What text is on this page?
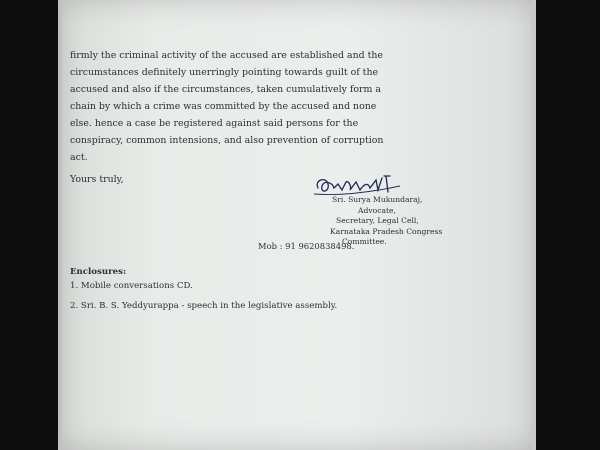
firmly the criminal activity of the accused are established and the
circumstances definitely unerringly pointing towards guilt of the
accused and also if the circumstances, taken cumulatively form a
chain by which a crime was committed by the accused and none
else. hence a case be registered against said persons for the
conspiracy, common intensions, and also prevention of corruption
act.
Yours truly,
Sri. Surya Mukundaraj,
Advocate,
Secretary, Legal Cell,
Karnataka Pradesh Congress
Committee.
Mob : 91 9620838498.
Enclosures:
1. Mobile conversations CD.
2. Sri. B. S. Yeddyurappa - speech in the legislative assembly.
